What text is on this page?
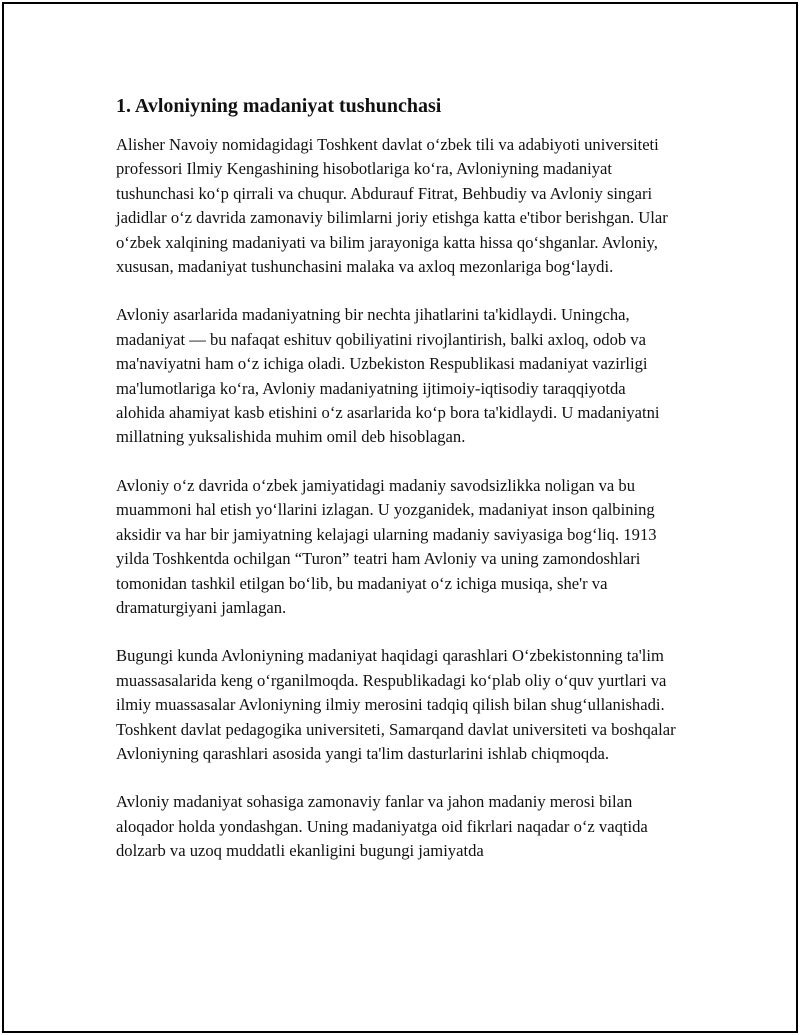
1. Avloniyning madaniyat tushunchasi

Alisher Navoiy nomidagidagi Toshkent davlat oʻzbek tili va adabiyoti universiteti professori Ilmiy Kengashining hisobotlariga koʻra, Avloniyning madaniyat tushunchasi koʻp qirrali va chuqur. Abdurauf Fitrat, Behbudiy va Avloniy singari jadidlar oʻz davrida zamonaviy bilimlarni joriy etishga katta e'tibor berishgan. Ular oʻzbek xalqining madaniyati va bilim jarayoniga katta hissa qoʻshganlar. Avloniy, xususan, madaniyat tushunchasini malaka va axloq mezonlariga bogʻlaydi.

Avloniy asarlarida madaniyatning bir nechta jihatlarini ta'kidlaydi. Uningcha, madaniyat — bu nafaqat eshituv qobiliyatini rivojlantirish, balki axloq, odob va ma'naviyatni ham oʻz ichiga oladi. Uzbekiston Respublikasi madaniyat vazirligi ma'lumotlariga koʻra, Avloniy madaniyatning ijtimoiy-iqtisodiy taraqqiyotda alohida ahamiyat kasb etishini oʻz asarlarida koʻp bora ta'kidlaydi. U madaniyatni millatning yuksalishida muhim omil deb hisoblagan.

Avloniy oʻz davrida oʻzbek jamiyatidagi madaniy savodsizlikka noligan va bu muammoni hal etish yoʻllarini izlagan. U yozganidek, madaniyat inson qalbining aksidir va har bir jamiyatning kelajagi ularning madaniy saviyasiga bogʻliq. 1913 yilda Toshkentda ochilgan “Turon” teatri ham Avloniy va uning zamondoshlari tomonidan tashkil etilgan boʻlib, bu madaniyat oʻz ichiga musiqa, she'r va dramaturgiyani jamlagan.

Bugungi kunda Avloniyning madaniyat haqidagi qarashlari Oʻzbekistonning ta'lim muassasalarida keng oʻrganilmoqda. Respublikadagi koʻplab oliy oʻquv yurtlari va ilmiy muassasalar Avloniyning ilmiy merosini tadqiq qilish bilan shugʻullanishadi. Toshkent davlat pedagogika universiteti, Samarqand davlat universiteti va boshqalar Avloniyning qarashlari asosida yangi ta'lim dasturlarini ishlab chiqmoqda.

Avloniy madaniyat sohasiga zamonaviy fanlar va jahon madaniy merosi bilan aloqador holda yondashgan. Uning madaniyatga oid fikrlari naqadar oʻz vaqtida dolzarb va uzoq muddatli ekanligini bugungi jamiyatda
